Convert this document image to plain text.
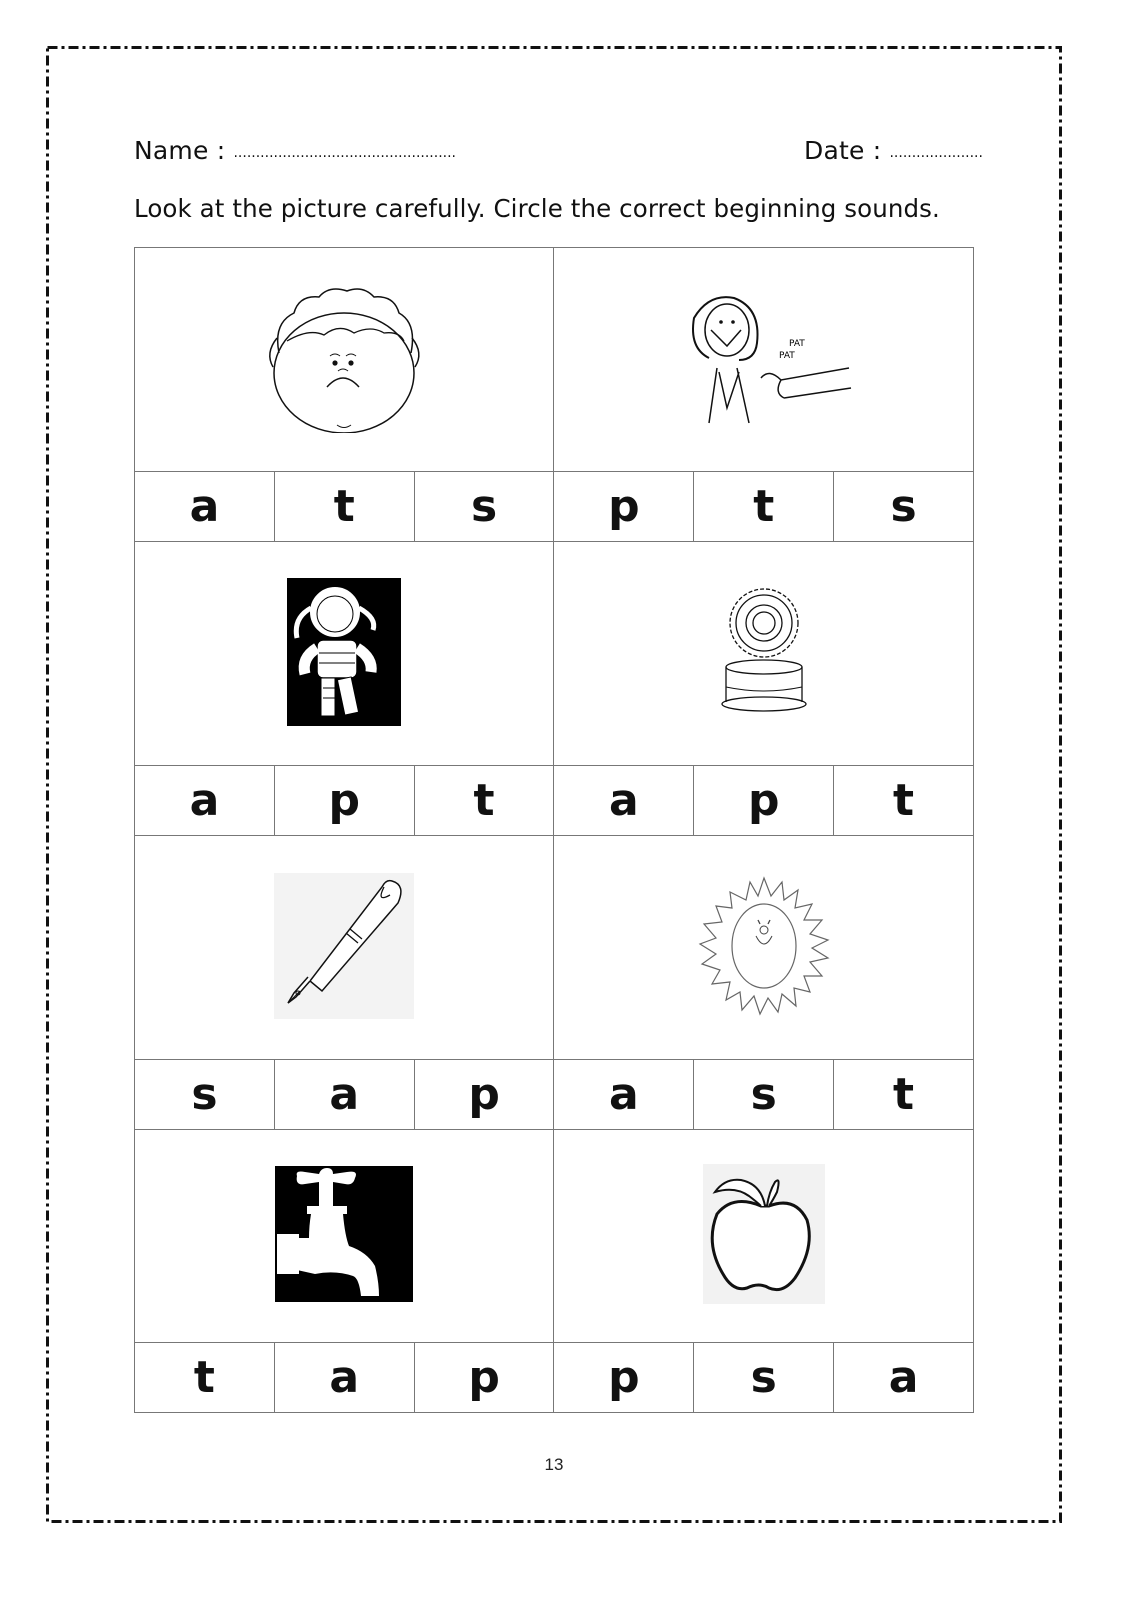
Name : ..................................................	Date : .....................
Look at the picture carefully. Circle the correct beginning sounds.

PAT
PAT		

a	t	s	p	t	s

a	p	t	a	p	t

s	a	p	a	s	t

t	a	p	p	s	a
13
